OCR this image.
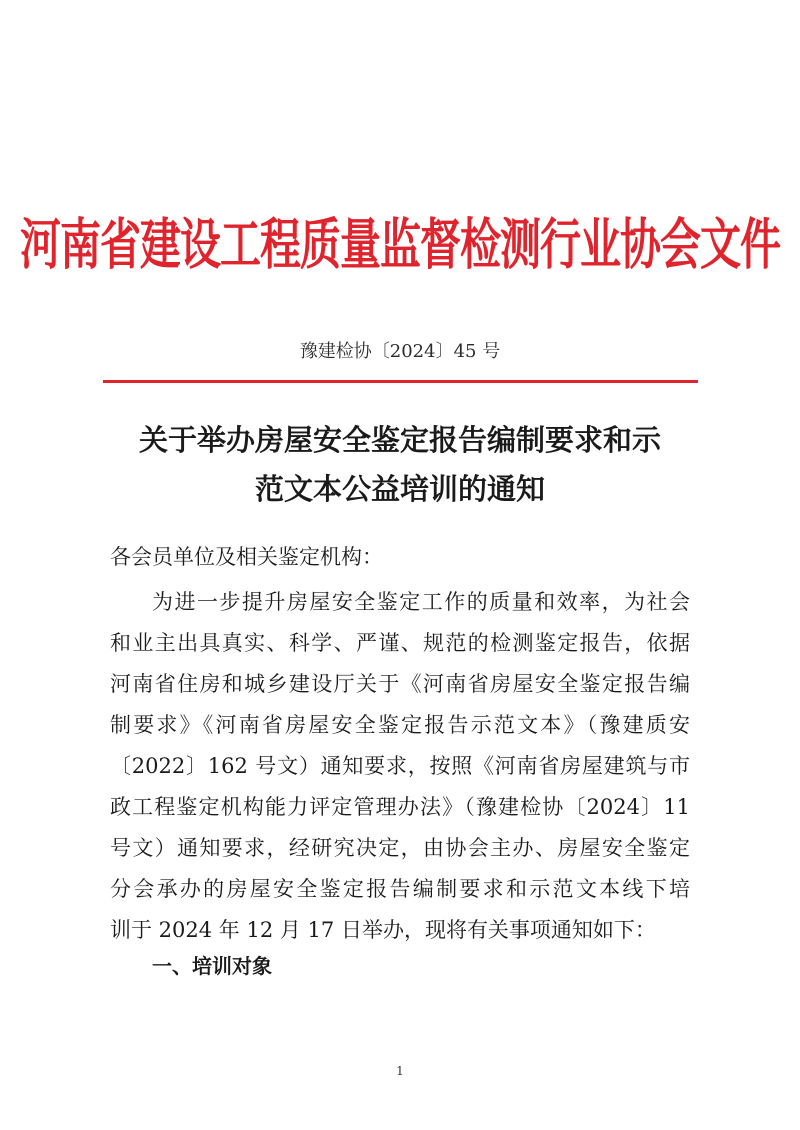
河南省建设工程质量监督检测行业协会文件
豫建检协〔2024〕45 号
关于举办房屋安全鉴定报告编制要求和示
范文本公益培训的通知
各会员单位及相关鉴定机构：
为进一步提升房屋安全鉴定工作的质量和效率，为社会
和业主出具真实、科学、严谨、规范的检测鉴定报告，依据
河南省住房和城乡建设厅关于《河南省房屋安全鉴定报告编
制要求》《河南省房屋安全鉴定报告示范文本》（豫建质安
〔2022〕162 号文）通知要求，按照《河南省房屋建筑与市
政工程鉴定机构能力评定管理办法》（豫建检协〔2024〕11
号文）通知要求，经研究决定，由协会主办、房屋安全鉴定
分会承办的房屋安全鉴定报告编制要求和示范文本线下培
训于 2024 年 12 月 17 日举办，现将有关事项通知如下：
一、培训对象
1
